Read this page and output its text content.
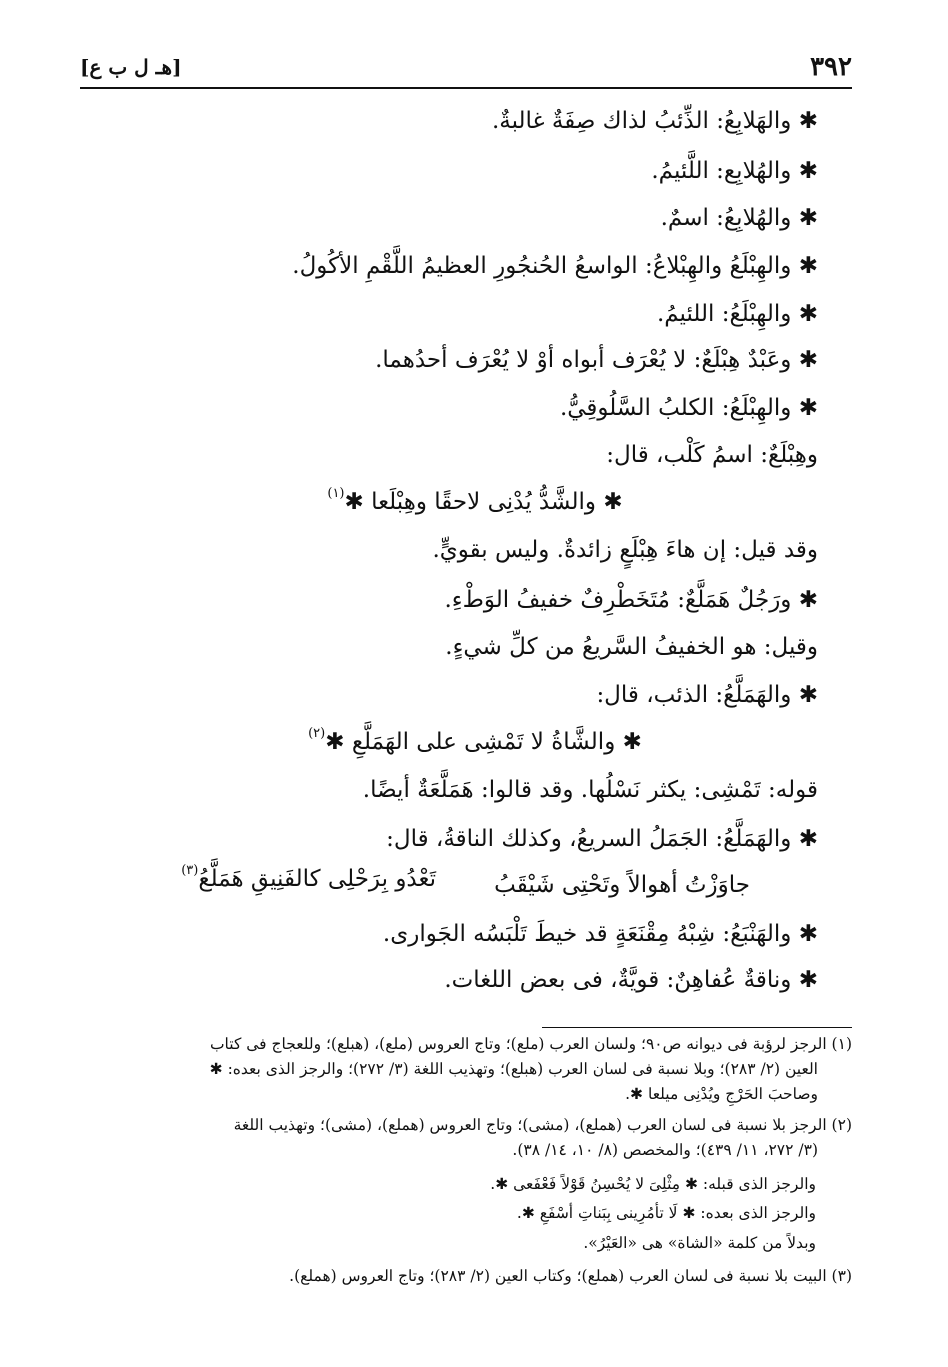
٣٩٢
[هـ ل ب ع]
✱ والهَلابِعُ: الذِّئبُ لذاك صِفَةٌ غالبةٌ.
✱ والهُلابِع: اللَّئيمُ.
✱ والهُلابِعُ: اسمٌ.
✱ والهِبْلَعُ والهِبْلاعُ: الواسعُ الحُنجُورِ العظيمُ اللَّقْمِ الأكُولُ.
✱ والهِبْلَعُ: اللئيمُ.
✱ وعَبْدٌ هِبْلَعٌ: لا يُعْرَف أبواه أوْ لا يُعْرَف أحدُهما.
✱ والهِبْلَعُ: الكلبُ السَّلُوقِيُّ.
وهِبْلَعٌ: اسمُ كَلْب، قال:
✱ والشَّدُّ يُدْنِى لاحقًا وهِبْلَعا ✱$^{(١)}$
وقد قيل: إن هاءَ هِبْلَعٍ زائدةٌ. وليس بقويٍّ.
✱ ورَجُلٌ هَمَلَّعٌ: مُتَخَطْرِفٌ خفيفُ الوَطْءِ.
وقيل: هو الخفيفُ السَّريعُ من كلِّ شيءٍ.
✱ والهَمَلَّعُ: الذئب، قال:
✱ والشَّاةُ لا تَمْشِى على الهَمَلَّعِ ✱$^{(٢)}$
قوله: تَمْشِى: يكثر نَسْلُها. وقد قالوا: هَمَلَّعَةٌ أيضًا.
✱ والهَمَلَّعُ: الجَمَلُ السريعُ، وكذلك الناقةُ، قال:
جاوَزْتُ أهوالاً وتَحْتِى شَيْقَبُ
تَعْدُو بِرَحْلِى كالفَنِيقِ هَمَلَّعُ$^{(٣)}$
✱ والهَنْبَعُ: شِبْهُ مِقْنَعَةٍ قد خيطَ تَلْبَسُه الجَوارى.
✱ وناقةٌ عُفاهِنٌ: قويَّةٌ، فى بعض اللغات.
(١) الرجز لرؤبة فى ديوانه ص٩٠؛ ولسان العرب (ملع)؛ وتاج العروس (ملع)، (هبلع)؛ وللعجاج فى كتاب
العين (٢/ ٢٨٣)؛ وبلا نسبة فى لسان العرب (هبلع)؛ وتهذيب اللغة (٣/ ٢٧٢)؛ والرجز الذى بعده: ✱
وصاحبَ الحَرْجِ ويُدْنِى ميلعا ✱.
(٢) الرجز بلا نسبة فى لسان العرب (هملع)، (مشى)؛ وتاج العروس (هملع)، (مشى)؛ وتهذيب اللغة
(٣/ ٢٧٢، ١١/ ٤٣٩)؛ والمخصص (٨/ ١٠، ١٤/ ٣٨).
والرجز الذى قبله: ✱ مِثْلِىَ لا يُحْسِنُ قَوْلاً فَعْفَعى ✱.
والرجز الذى بعده: ✱ لَا تأمُرِينى بِبَناتِ أسْفَعِ ✱.
وبدلاً من كلمة «الشاة» هى «العَيْرُ».
(٣) البيت بلا نسبة فى لسان العرب (هملع)؛ وكتاب العين (٢/ ٢٨٣)؛ وتاج العروس (هملع).
